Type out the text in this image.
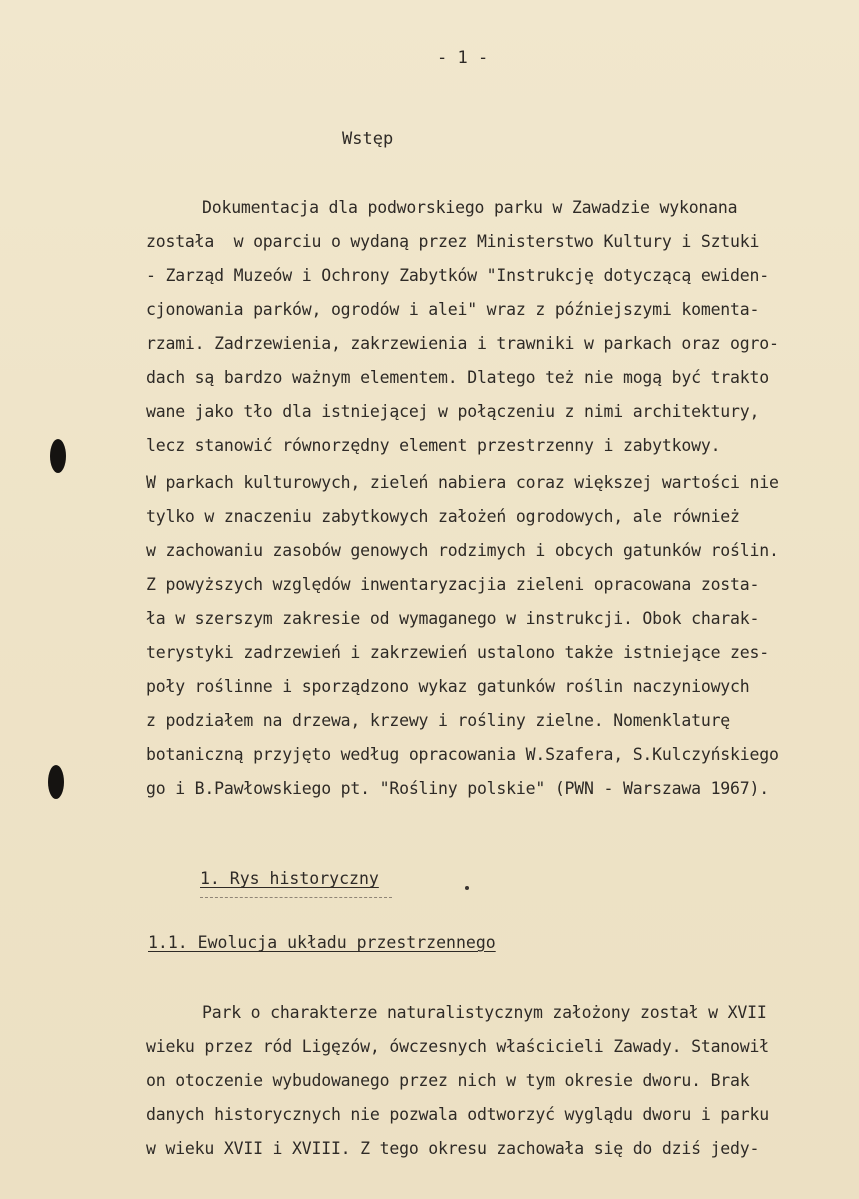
- 1 -
Wstęp
Dokumentacja dla podworskiego parku w Zawadzie wykonana
została  w oparciu o wydaną przez Ministerstwo Kultury i Sztuki
- Zarząd Muzeów i Ochrony Zabytków "Instrukcję dotyczącą ewiden-
cjonowania parków, ogrodów i alei" wraz z późniejszymi komenta-
rzami. Zadrzewienia, zakrzewienia i trawniki w parkach oraz ogro-
dach są bardzo ważnym elementem. Dlatego też nie mogą być trakto
wane jako tło dla istniejącej w połączeniu z nimi architektury,
lecz stanowić równorzędny element przestrzenny i zabytkowy.
W parkach kulturowych, zieleń nabiera coraz większej wartości nie
tylko w znaczeniu zabytkowych założeń ogrodowych, ale również
w zachowaniu zasobów genowych rodzimych i obcych gatunków roślin.
Z powyższych względów inwentaryzacjia zieleni opracowana zosta-
ła w szerszym zakresie od wymaganego w instrukcji. Obok charak-
terystyki zadrzewień i zakrzewień ustalono także istniejące zes-
poły roślinne i sporządzono wykaz gatunków roślin naczyniowych
z podziałem na drzewa, krzewy i rośliny zielne. Nomenklaturę
botaniczną przyjęto według opracowania W.Szafera, S.Kulczyńskiego
go i B.Pawłowskiego pt. "Rośliny polskie" (PWN - Warszawa 1967).
1. Rys historyczny
1.1. Ewolucja układu przestrzennego
Park o charakterze naturalistycznym założony został w XVII
wieku przez ród Ligęzów, ówczesnych właścicieli Zawady. Stanowił
on otoczenie wybudowanego przez nich w tym okresie dworu. Brak
danych historycznych nie pozwala odtworzyć wyglądu dworu i parku
w wieku XVII i XVIII. Z tego okresu zachowała się do dziś jedy-
